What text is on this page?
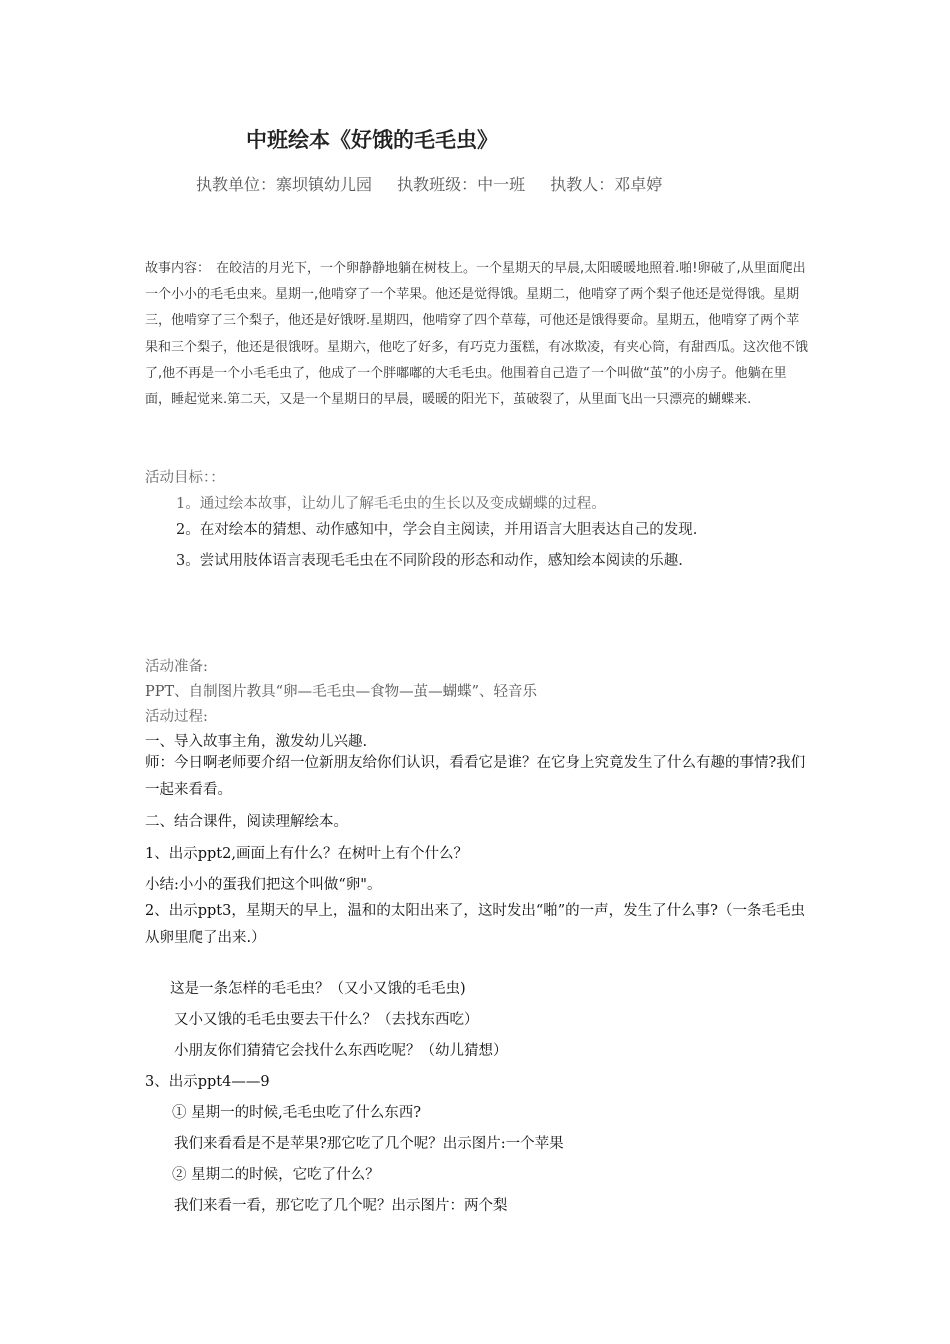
中班绘本《好饿的毛毛虫》
执教单位：寨坝镇幼儿园 执教班级：中一班 执教人：邓卓婷
故事内容： 在皎洁的月光下，一个卵静静地躺在树枝上。一个星期天的早晨,太阳暖暖地照着.啪!卵破了,从里面爬出一个小小的毛毛虫来。星期一,他啃穿了一个苹果。他还是觉得饿。星期二，他啃穿了两个梨子他还是觉得饿。星期三，他啃穿了三个梨子，他还是好饿呀.星期四，他啃穿了四个草莓，可他还是饿得要命。星期五，他啃穿了两个苹果和三个梨子，他还是很饿呀。星期六，他吃了好多，有巧克力蛋糕，有冰欺凌，有夹心筒，有甜西瓜。这次他不饿了,他不再是一个小毛毛虫了，他成了一个胖嘟嘟的大毛毛虫。他围着自己造了一个叫做“茧”的小房子。他躺在里面，睡起觉来.第二天，又是一个星期日的早晨，暖暖的阳光下，茧破裂了，从里面飞出一只漂亮的蝴蝶来.
活动目标：：
1。通过绘本故事，让幼儿了解毛毛虫的生长以及变成蝴蝶的过程。
2。在对绘本的猜想、动作感知中，学会自主阅读，并用语言大胆表达自己的发现.
3。尝试用肢体语言表现毛毛虫在不同阶段的形态和动作，感知绘本阅读的乐趣.
活动准备:
PPT、自制图片教具“卵—毛毛虫—食物—茧—蝴蝶”、轻音乐
活动过程:
一、导入故事主角，激发幼儿兴趣.
师：今日啊老师要介绍一位新朋友给你们认识，看看它是谁？在它身上究竟发生了什么有趣的事情?我们一起来看看。
二、结合课件，阅读理解绘本。
1、出示ppt2,画面上有什么？在树叶上有个什么？
小结:小小的蛋我们把这个叫做“卵"。
2、出示ppt3，星期天的早上，温和的太阳出来了，这时发出“啪”的一声，发生了什么事?（一条毛毛虫从卵里爬了出来.）
这是一条怎样的毛毛虫？（又小又饿的毛毛虫)
又小又饿的毛毛虫要去干什么？（去找东西吃）
小朋友你们猜猜它会找什么东西吃呢？（幼儿猜想）
3、出示ppt4——9
① 星期一的时候,毛毛虫吃了什么东西?
我们来看看是不是苹果?那它吃了几个呢？出示图片:一个苹果
② 星期二的时候，它吃了什么？
我们来看一看，那它吃了几个呢？出示图片：两个梨
